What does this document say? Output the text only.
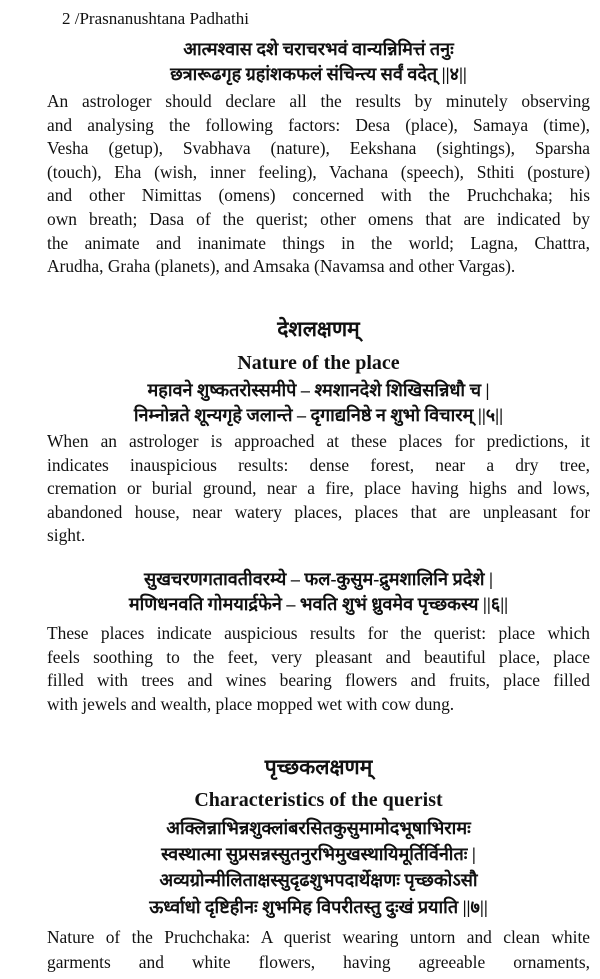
2 /Prasnanushtana Padhathi
आत्मश्वास दशे चराचरभवं वान्यन्निमित्तं तनुः
छत्रारूढगृह ग्रहांशकफलं संचिन्त्य सर्वं वदेत् ||४||
An astrologer should declare all the results by minutely observing
and analysing the following factors: Desa (place), Samaya (time),
Vesha (getup), Svabhava (nature), Eekshana (sightings), Sparsha
(touch), Eha (wish, inner feeling), Vachana (speech), Sthiti (posture)
and other Nimittas (omens) concerned with the Pruchchaka; his
own breath; Dasa of the querist; other omens that are indicated by
the animate and inanimate things in the world; Lagna, Chattra,
Arudha, Graha (planets), and Amsaka (Navamsa and other Vargas).
देशलक्षणम्
Nature of the place
महावने शुष्कतरोस्समीपे – श्मशानदेशे शिखिसन्निधौ च |
निम्नोन्नते शून्यगृहे जलान्ते – दृगाद्यनिष्ठे न शुभो विचारम् ||५||
When an astrologer is approached at these places for predictions, it
indicates inauspicious results: dense forest, near a dry tree,
cremation or burial ground, near a fire, place having highs and lows,
abandoned house, near watery places, places that are unpleasant for
sight.
सुखचरणगतावतीवरम्ये – फल-कुसुम-द्रुमशालिनि प्रदेशे |
मणिधनवति गोमयार्द्रफेने – भवति शुभं ध्रुवमेव पृच्छकस्य ||६||
These places indicate auspicious results for the querist: place which
feels soothing to the feet, very pleasant and beautiful place, place
filled with trees and wines bearing flowers and fruits, place filled
with jewels and wealth, place mopped wet with cow dung.
पृच्छकलक्षणम्
Characteristics of the querist
अक्लिन्नाभिन्नशुक्लांबरसितकुसुमामोदभूषाभिरामः
स्वस्थात्मा सुप्रसन्नस्सुतनुरभिमुखस्थायिमूर्तिर्विनीतः |
अव्यग्रोन्मीलिताक्षस्सुदृढशुभपदार्थेक्षणः पृच्छकोऽसौ
ऊर्ध्वाधो दृष्टिहीनः शुभमिह विपरीतस्तु दुःखं प्रयाति ||७||
Nature of the Pruchchaka: A querist wearing untorn and clean white
garments and white flowers, having agreeable ornaments,
